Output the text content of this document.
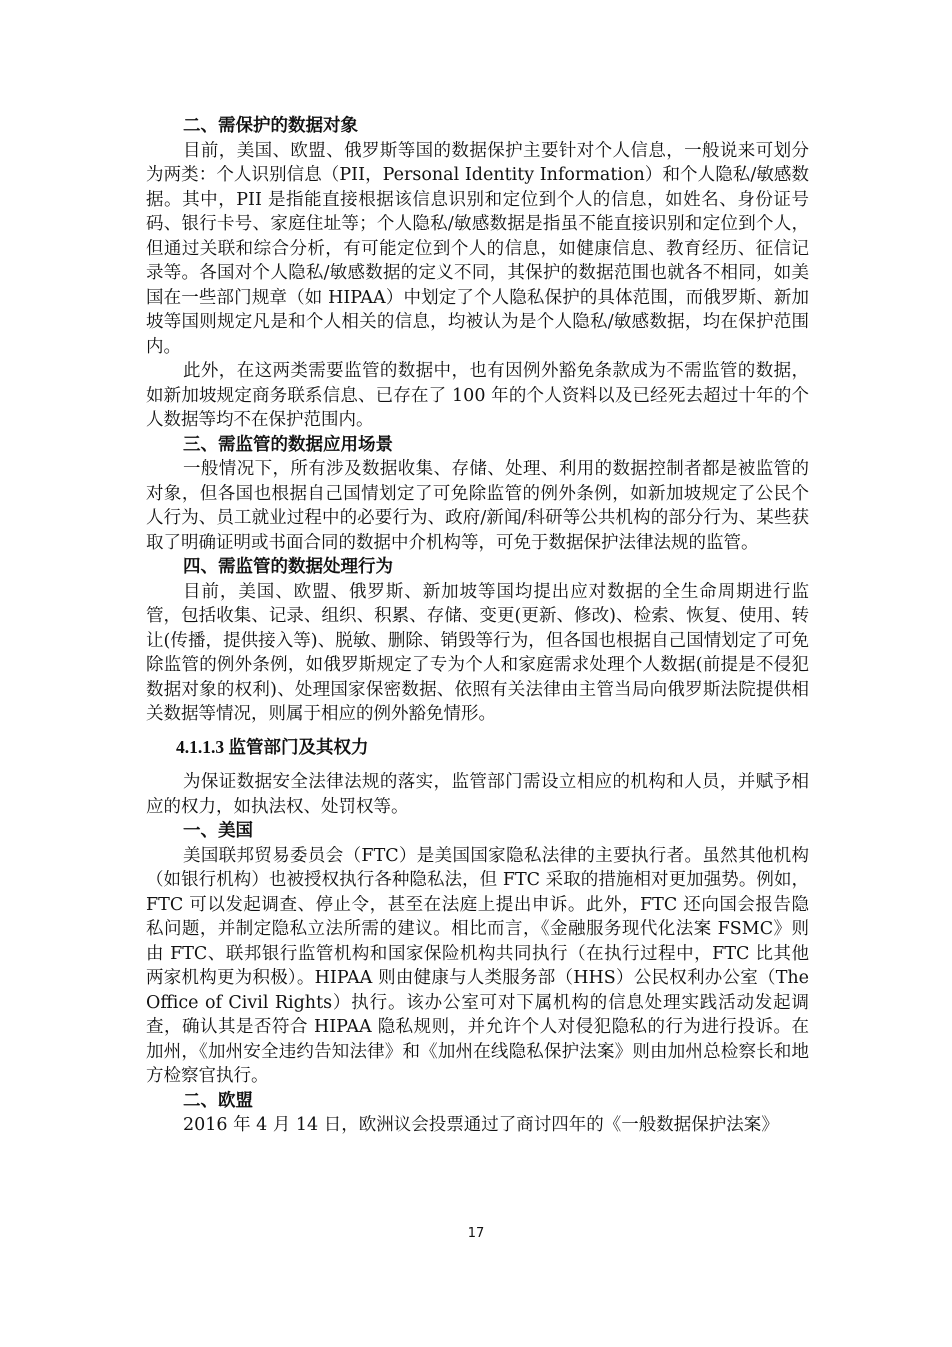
二、需保护的数据对象

目前，美国、欧盟、俄罗斯等国的数据保护主要针对个人信息，一般说来可划分为两类：个人识别信息（PII，Personal Identity Information）和个人隐私/敏感数据。其中，PII 是指能直接根据该信息识别和定位到个人的信息，如姓名、身份证号码、银行卡号、家庭住址等；个人隐私/敏感数据是指虽不能直接识别和定位到个人，但通过关联和综合分析，有可能定位到个人的信息，如健康信息、教育经历、征信记录等。各国对个人隐私/敏感数据的定义不同，其保护的数据范围也就各不相同，如美国在一些部门规章（如 HIPAA）中划定了个人隐私保护的具体范围，而俄罗斯、新加坡等国则规定凡是和个人相关的信息，均被认为是个人隐私/敏感数据，均在保护范围内。

此外，在这两类需要监管的数据中，也有因例外豁免条款成为不需监管的数据，如新加坡规定商务联系信息、已存在了 100 年的个人资料以及已经死去超过十年的个人数据等均不在保护范围内。

三、需监管的数据应用场景

一般情况下，所有涉及数据收集、存储、处理、利用的数据控制者都是被监管的对象，但各国也根据自己国情划定了可免除监管的例外条例，如新加坡规定了公民个人行为、员工就业过程中的必要行为、政府/新闻/科研等公共机构的部分行为、某些获取了明确证明或书面合同的数据中介机构等，可免于数据保护法律法规的监管。

四、需监管的数据处理行为

目前，美国、欧盟、俄罗斯、新加坡等国均提出应对数据的全生命周期进行监管，包括收集、记录、组织、积累、存储、变更(更新、修改)、检索、恢复、使用、转让(传播，提供接入等)、脱敏、删除、销毁等行为，但各国也根据自己国情划定了可免除监管的例外条例，如俄罗斯规定了专为个人和家庭需求处理个人数据(前提是不侵犯数据对象的权利)、处理国家保密数据、依照有关法律由主管当局向俄罗斯法院提供相关数据等情况，则属于相应的例外豁免情形。

4.1.1.3 监管部门及其权力

为保证数据安全法律法规的落实，监管部门需设立相应的机构和人员，并赋予相应的权力，如执法权、处罚权等。

一、美国

美国联邦贸易委员会（FTC）是美国国家隐私法律的主要执行者。虽然其他机构（如银行机构）也被授权执行各种隐私法，但 FTC 采取的措施相对更加强势。例如，FTC 可以发起调查、停止令，甚至在法庭上提出申诉。此外，FTC 还向国会报告隐私问题，并制定隐私立法所需的建议。相比而言，《金融服务现代化法案 FSMC》则由 FTC、联邦银行监管机构和国家保险机构共同执行（在执行过程中，FTC 比其他两家机构更为积极）。HIPAA 则由健康与人类服务部（HHS）公民权利办公室（The Office of Civil Rights）执行。该办公室可对下属机构的信息处理实践活动发起调查，确认其是否符合 HIPAA 隐私规则，并允许个人对侵犯隐私的行为进行投诉。在加州，《加州安全违约告知法律》和《加州在线隐私保护法案》则由加州总检察长和地方检察官执行。

二、欧盟

2016 年 4 月 14 日，欧洲议会投票通过了商讨四年的《一般数据保护法案》

17
